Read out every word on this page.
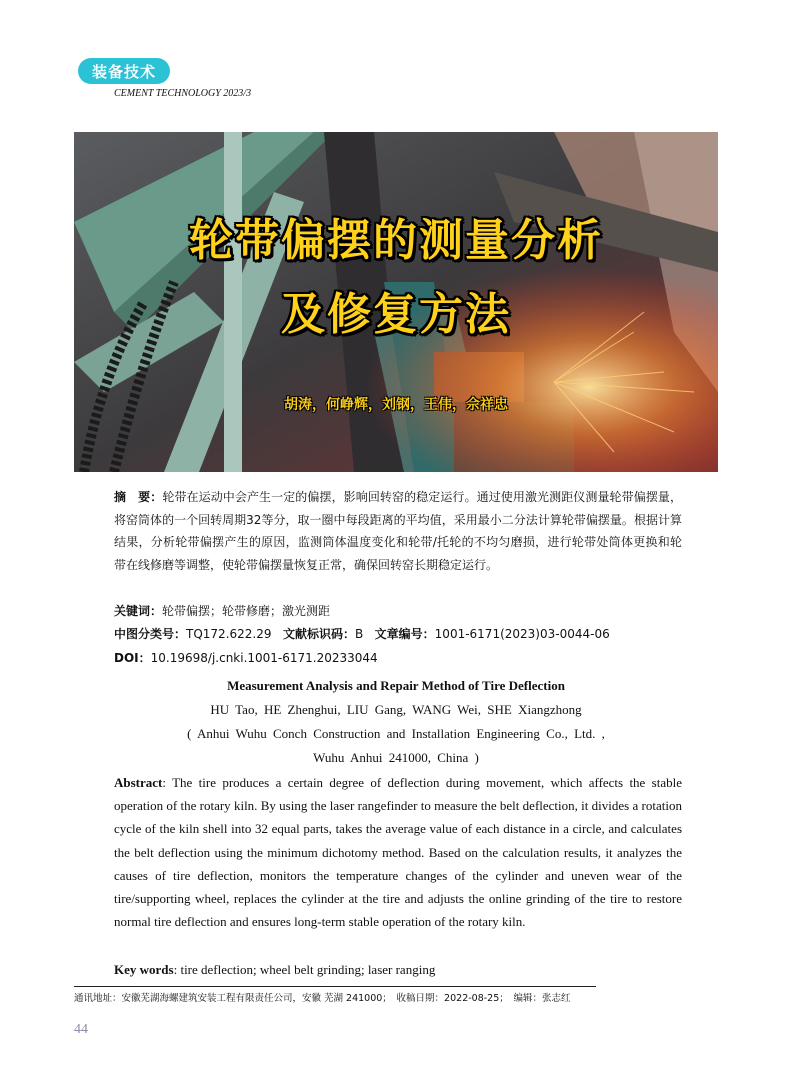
装备技术
CEMENT TECHNOLOGY 2023/3
轮带偏摆的测量分析
及修复方法
胡涛，何峥辉，刘钢，王伟，佘祥忠
摘　要：轮带在运动中会产生一定的偏摆，影响回转窑的稳定运行。通过使用激光测距仪测量轮带偏摆量，将窑筒体的一个回转周期32等分，取一圈中每段距离的平均值，采用最小二分法计算轮带偏摆量。根据计算结果，分析轮带偏摆产生的原因，监测筒体温度变化和轮带/托轮的不均匀磨损，进行轮带处筒体更换和轮带在线修磨等调整，使轮带偏摆量恢复正常，确保回转窑长期稳定运行。
关键词：轮带偏摆；轮带修磨；激光测距
中图分类号：TQ172.622.29 文献标识码：B 文章编号：1001-6171(2023)03-0044-06
DOI：10.19698/j.cnki.1001-6171.20233044
Measurement Analysis and Repair Method of Tire Deflection
HU Tao, HE Zhenghui, LIU Gang, WANG Wei, SHE Xiangzhong
( Anhui Wuhu Conch Construction and Installation Engineering Co., Ltd. ,
Wuhu Anhui 241000, China )
Abstract: The tire produces a certain degree of deflection during movement, which affects the stable operation of the rotary kiln. By using the laser rangefinder to measure the belt deflection, it divides a rotation cycle of the kiln shell into 32 equal parts, takes the average value of each distance in a circle, and calculates the belt deflection using the minimum dichotomy method. Based on the calculation results, it analyzes the causes of tire deflection, monitors the temperature changes of the cylinder and uneven wear of the tire/supporting wheel, replaces the cylinder at the tire and adjusts the online grinding of the tire to restore normal tire deflection and ensures long-term stable operation of the rotary kiln.
Key words: tire deflection; wheel belt grinding; laser ranging
通讯地址：安徽芜湖海螺建筑安装工程有限责任公司，安徽 芜湖 241000；　收稿日期：2022-08-25；　编辑：张志红
44
